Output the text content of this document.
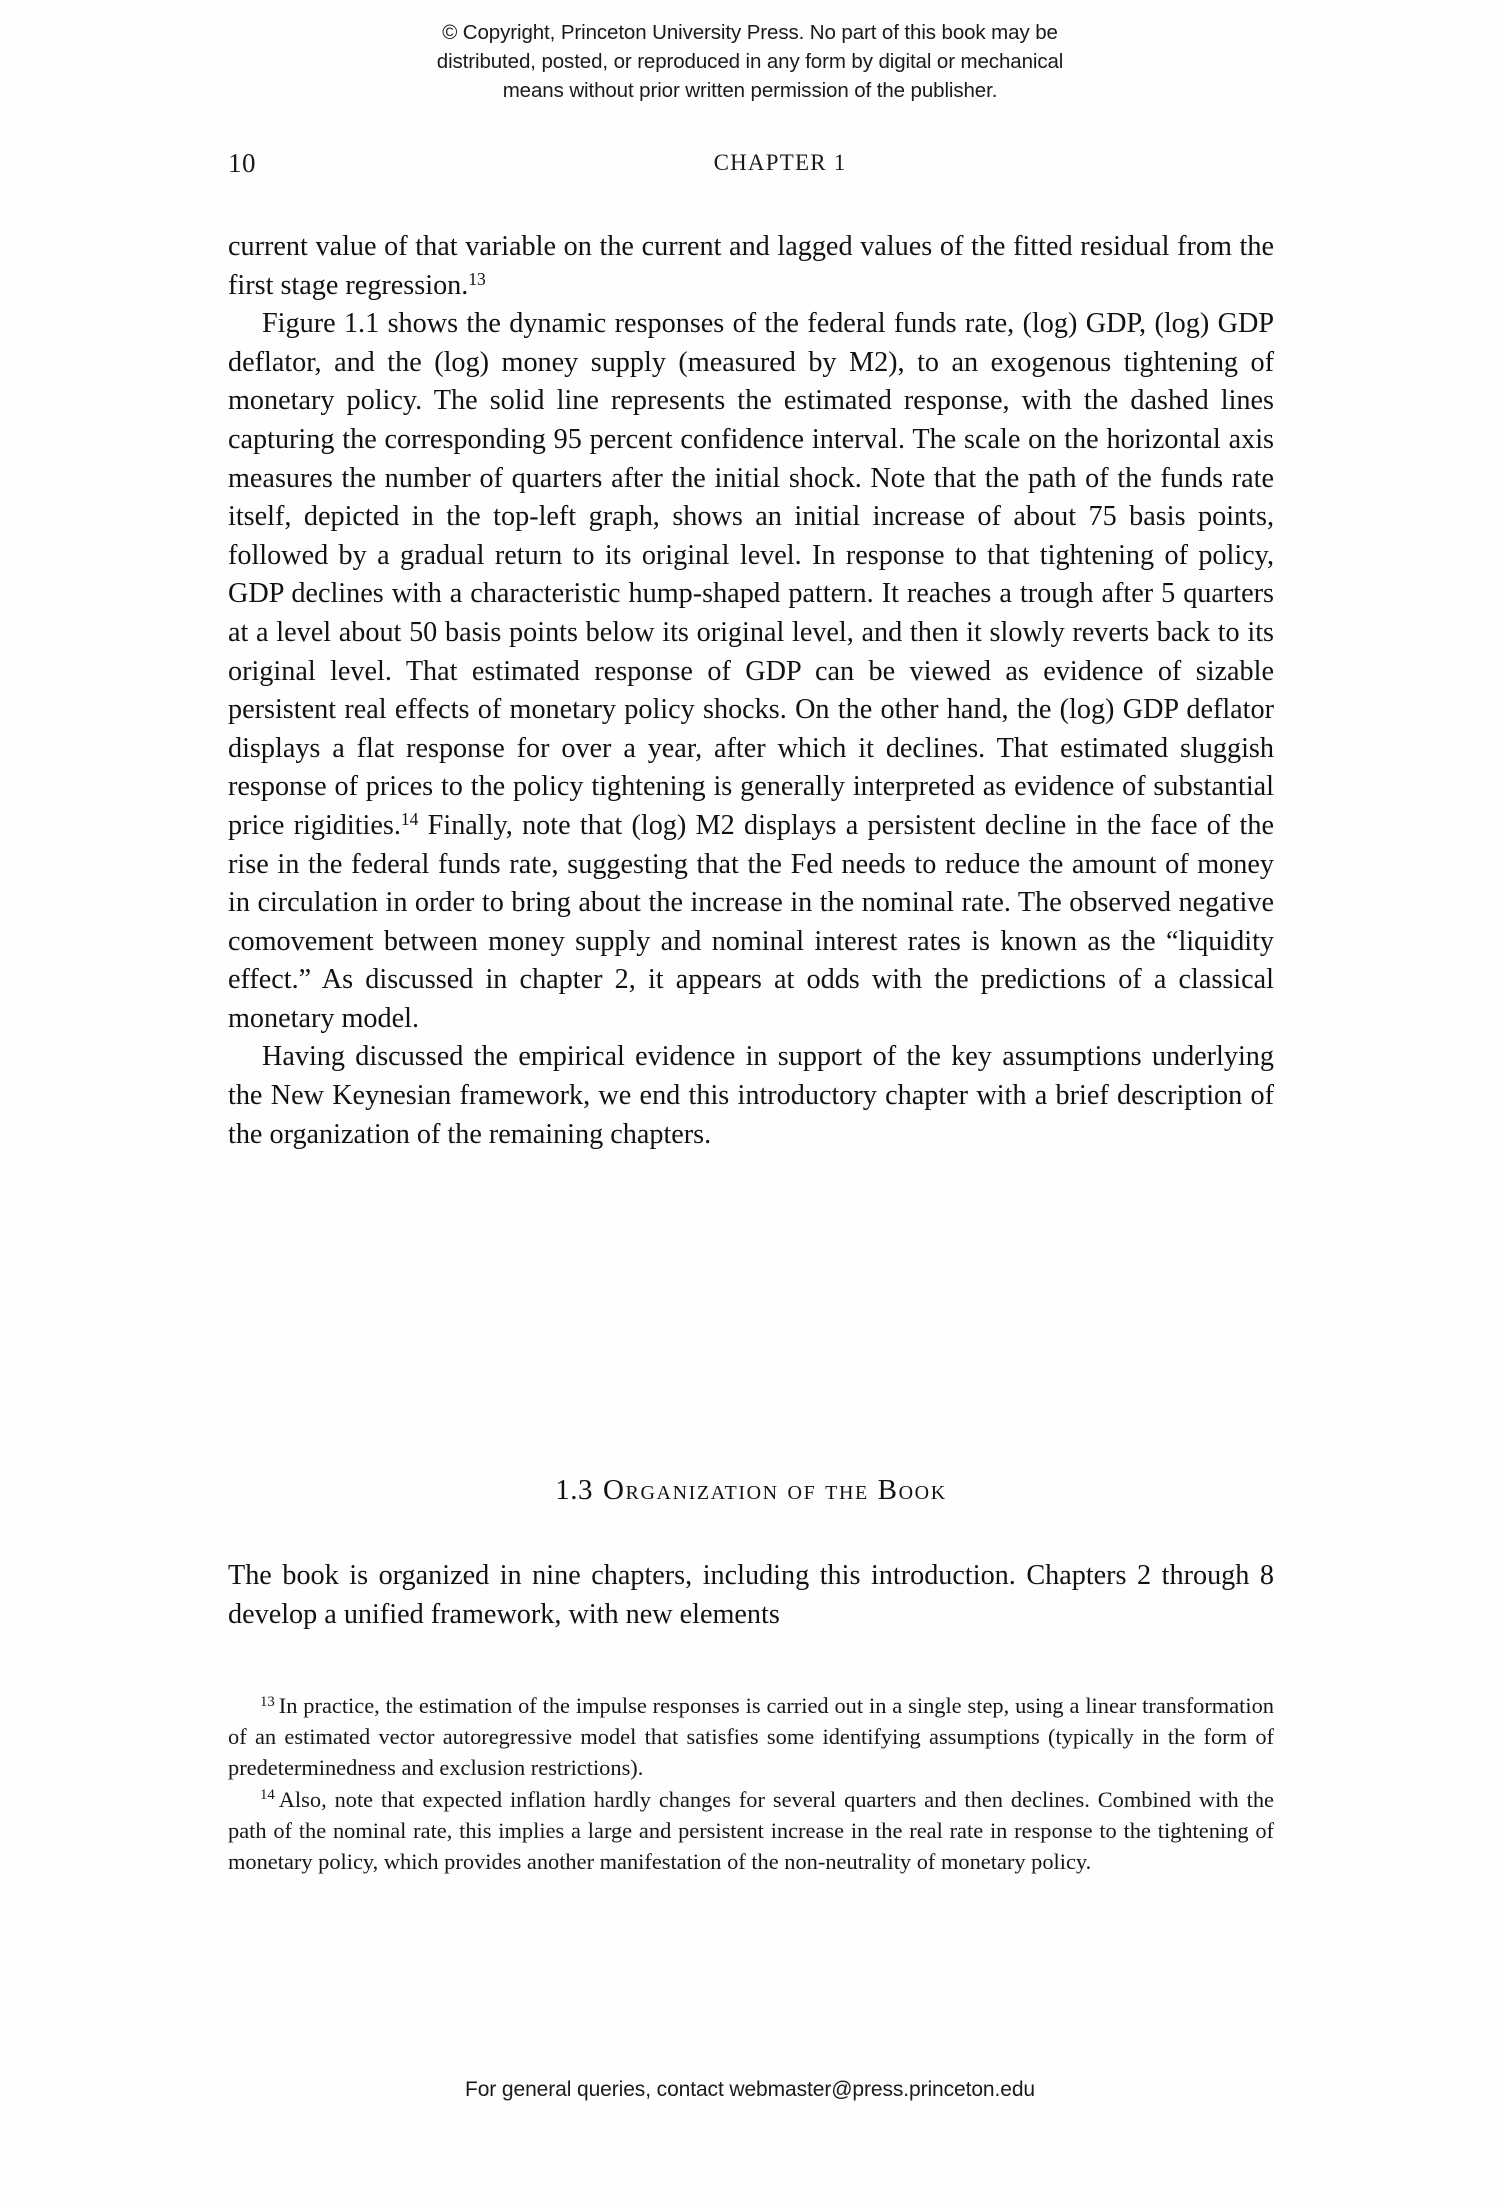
© Copyright, Princeton University Press. No part of this book may be
distributed, posted, or reproduced in any form by digital or mechanical
means without prior written permission of the publisher.
10	CHAPTER 1

current value of that variable on the current and lagged values of the fitted residual from the first stage regression.$^{13}$

Figure 1.1 shows the dynamic responses of the federal funds rate, (log) GDP, (log) GDP deflator, and the (log) money supply (measured by M2), to an exogenous tightening of monetary policy. The solid line represents the estimated response, with the dashed lines capturing the corresponding 95 percent confidence interval. The scale on the horizontal axis measures the number of quarters after the initial shock. Note that the path of the funds rate itself, depicted in the top-left graph, shows an initial increase of about 75 basis points, followed by a gradual return to its original level. In response to that tightening of policy, GDP declines with a characteristic hump-shaped pattern. It reaches a trough after 5 quarters at a level about 50 basis points below its original level, and then it slowly reverts back to its original level. That estimated response of GDP can be viewed as evidence of sizable persistent real effects of monetary policy shocks. On the other hand, the (log) GDP deflator displays a flat response for over a year, after which it declines. That estimated sluggish response of prices to the policy tightening is generally interpreted as evidence of substantial price rigidities.$^{14}$ Finally, note that (log) M2 displays a persistent decline in the face of the rise in the federal funds rate, suggesting that the Fed needs to reduce the amount of money in circulation in order to bring about the increase in the nominal rate. The observed negative comovement between money supply and nominal interest rates is known as the “liquidity effect.” As discussed in chapter 2, it appears at odds with the predictions of a classical monetary model.

Having discussed the empirical evidence in support of the key assumptions underlying the New Keynesian framework, we end this introductory chapter with a brief description of the organization of the remaining chapters.

1.3 Organization of the Book

The book is organized in nine chapters, including this introduction. Chapters 2 through 8 develop a unified framework, with new elements

$^{13}$ In practice, the estimation of the impulse responses is carried out in a single step, using a linear transformation of an estimated vector autoregressive model that satisfies some identifying assumptions (typically in the form of predeterminedness and exclusion restrictions).

$^{14}$ Also, note that expected inflation hardly changes for several quarters and then declines. Combined with the path of the nominal rate, this implies a large and persistent increase in the real rate in response to the tightening of monetary policy, which provides another manifestation of the non-neutrality of monetary policy.

For general queries, contact webmaster@press.princeton.edu
